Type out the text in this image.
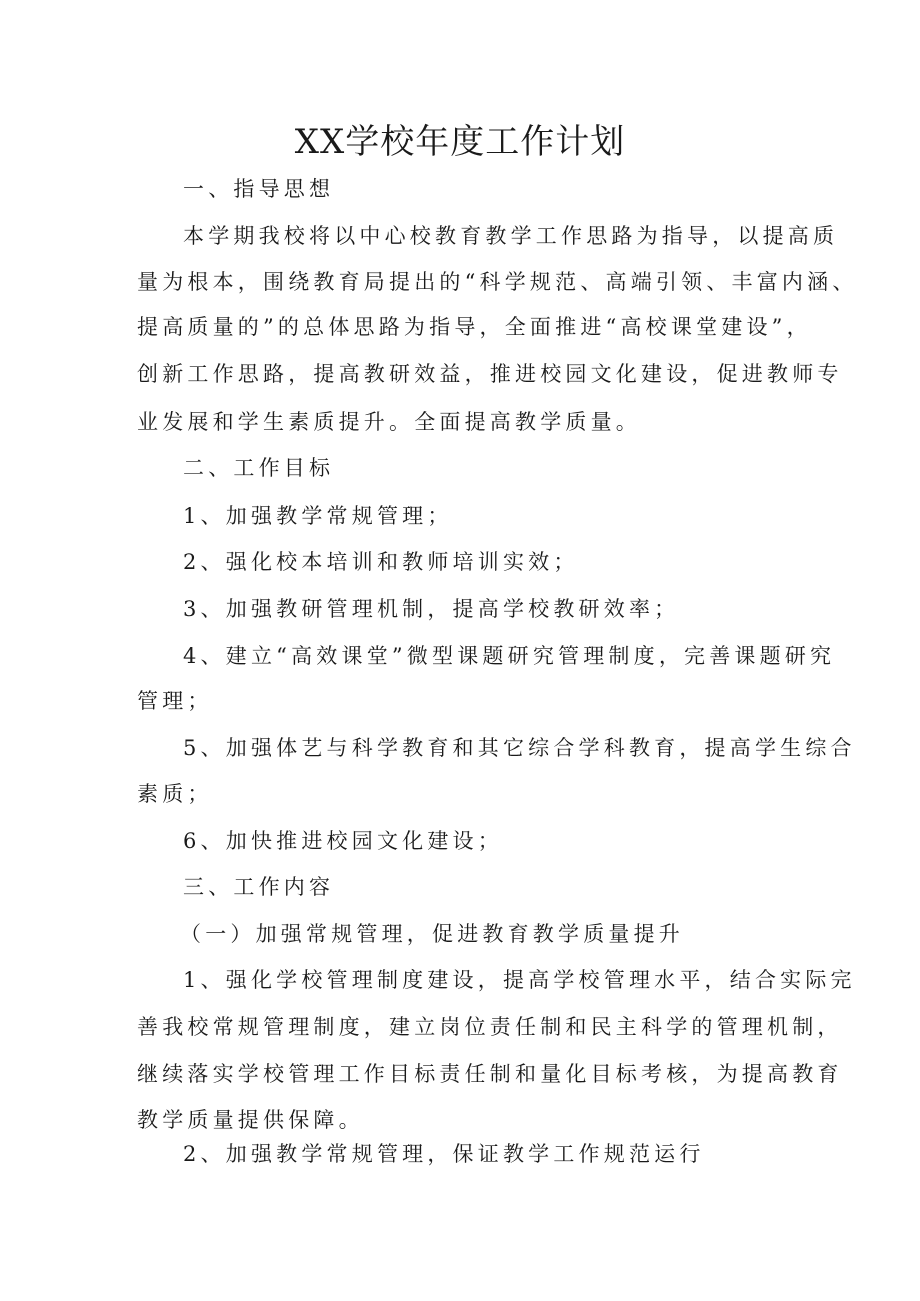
XX学校年度工作计划

一、指导思想

本学期我校将以中心校教育教学工作思路为指导，以提高质

量为根本，围绕教育局提出的“科学规范、高端引领、丰富内涵、

提高质量的”的总体思路为指导，全面推进“高校课堂建设”，

创新工作思路，提高教研效益，推进校园文化建设，促进教师专

业发展和学生素质提升。全面提高教学质量。

二、工作目标

1、加强教学常规管理；

2、强化校本培训和教师培训实效；

3、加强教研管理机制，提高学校教研效率；

4、建立“高效课堂”微型课题研究管理制度，完善课题研究

管理；

5、加强体艺与科学教育和其它综合学科教育，提高学生综合

素质；

6、加快推进校园文化建设；

三、工作内容

（一）加强常规管理，促进教育教学质量提升

1、强化学校管理制度建设，提高学校管理水平，结合实际完

善我校常规管理制度，建立岗位责任制和民主科学的管理机制，

继续落实学校管理工作目标责任制和量化目标考核，为提高教育

教学质量提供保障。

2、加强教学常规管理，保证教学工作规范运行
